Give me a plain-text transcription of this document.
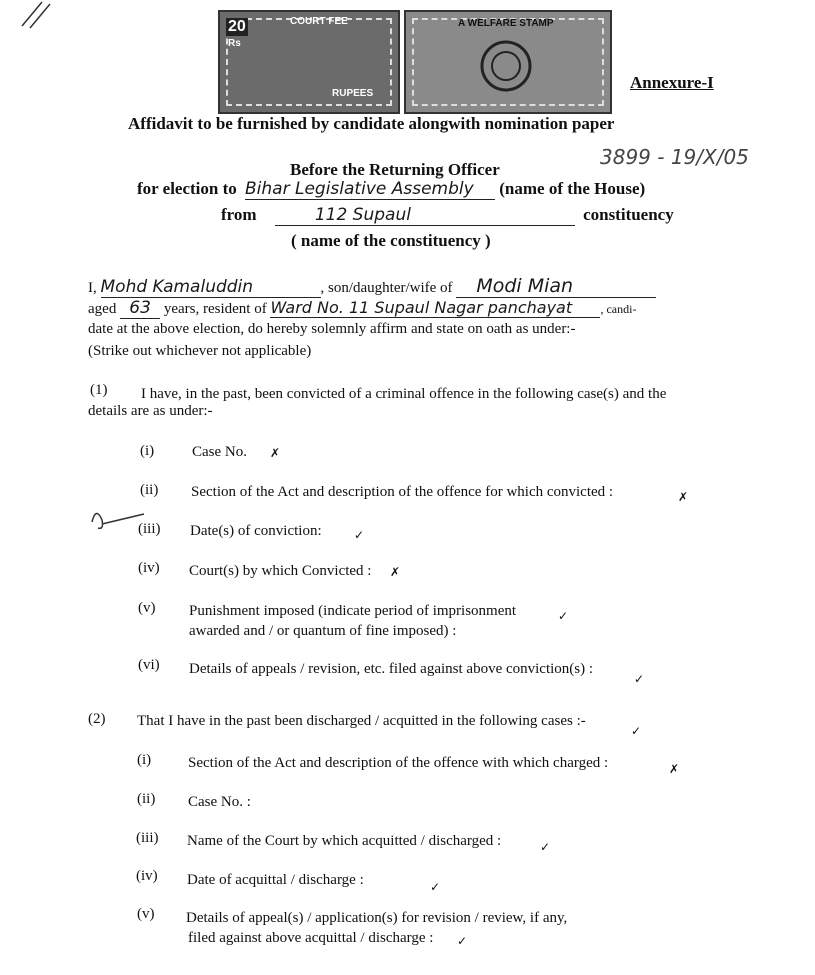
20
Rs
COURT FEE
RUPEES
A WELFARE STAMP
Annexure-I
Affidavit to be furnished by candidate alongwith nomination paper
Before the Returning Officer
3899 - 19/X/05
for election to Bihar Legislative Assembly (name of the House)
from	112 Supaul	constituency
( name of the constituency )
I, Mohd Kamaluddin	, son/daughter/wife of Modi Mian
aged 63 years, resident of Ward No. 11 Supaul Nagar panchayat , candi-
date at the above election, do hereby solemnly affirm and state on oath as under:-
(Strike out whichever not applicable)
(1) I have, in the past, been convicted of a criminal offence in the following case(s) and the
details are as under:-
(i)	Case No. ✗
(ii) Section of the Act and description of the offence for which convicted :	✗
(iii) Date(s) of conviction:	✓
(iv) Court(s) by which Convicted : ✗
(v) Punishment imposed (indicate period of imprisonment
awarded and / or quantum of fine imposed) :
✓
(vi) Details of appeals / revision, etc. filed against above conviction(s) :
✓
(2) That I have in the past been discharged / acquitted in the following cases :-
✓
(i) Section of the Act and description of the offence with which charged :	✗
(ii) Case No. :
(iii) Name of the Court by which acquitted / discharged :	✓
(iv) Date of acquittal / discharge :	✓
(v) Details of appeal(s) / application(s) for revision / review, if any,
filed against above acquittal / discharge : ✓
